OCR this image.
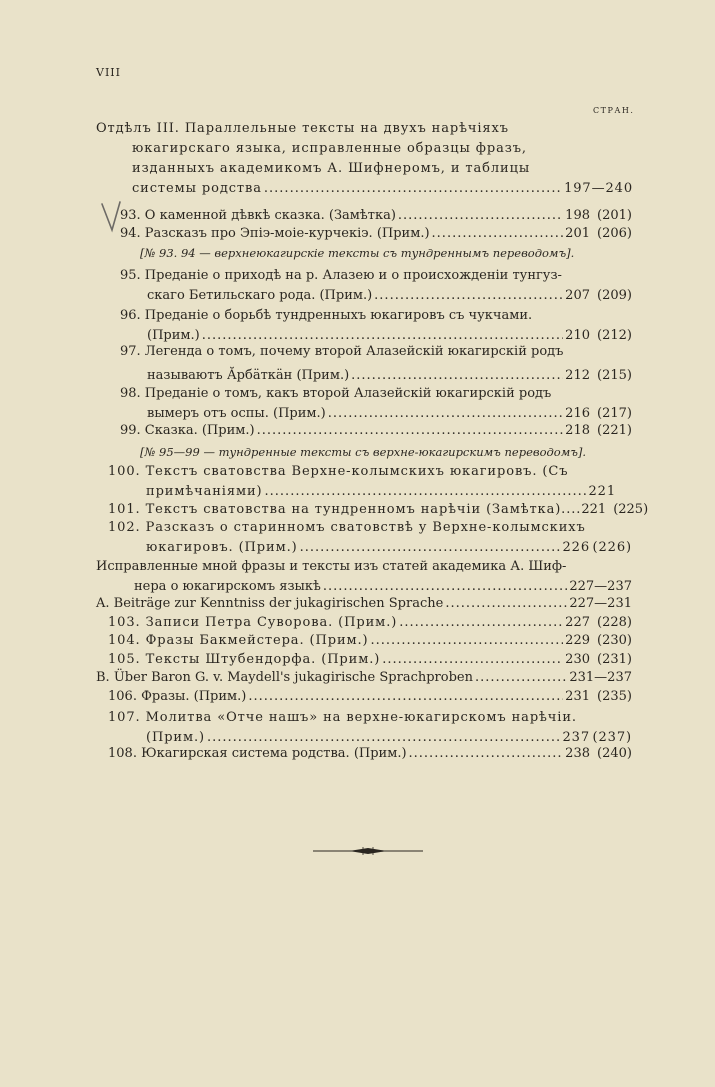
VIII
СТРАН.
Отдѣлъ III. Параллельные тексты на двухъ нарѣчіяхъ
юкагирскаго языка, исправленные образцы фразъ,
изданныхъ академикомъ А. Шифнеромъ, и таблицы
системы родства .....	197—240
93. О каменной дѣвкѣ сказка. (Замѣтка) .....	198 (201)
94. Разсказъ про Эпiэ-моiе-курчекiэ. (Прим.) .....	201 (206)
[№ 93. 94 — верхнеюкагирскіе тексты съ тундреннымъ переводомъ].
95. Преданіе о приходѣ на р. Алазею и о происхожденіи тунгуз-
скаго Бетильскаго рода. (Прим.) .....	207 (209)
96. Преданіе о борьбѣ тундренныхъ юкагировъ съ чукчами.
(Прим.) .....	210 (212)
97. Легенда о томъ, почему второй Алазейскій юкагирскій родъ
называютъ Ӑрбӓткӓн (Прим.) .....	212 (215)
98. Преданіе о томъ, какъ второй Алазейскій юкагирскій родъ
вымеръ отъ оспы. (Прим.) .....	216 (217)
99. Сказка. (Прим.) .....	218 (221)
[№ 95—99 — тундренные тексты съ верхне-юкагирскимъ переводомъ].
100. Текстъ сватовства Верхне-колымскихъ юкагировъ. (Съ
примѣчаніями) .....	221
101. Текстъ сватовства на тундренномъ нарѣчіи (Замѣтка).... 221 (225)
102. Разсказъ о старинномъ сватовствѣ у Верхне-колымскихъ
юкагировъ. (Прим.) .....	226 (226)
Исправленные мной фразы и тексты изъ статей академика А. Шиф-
нера о юкагирскомъ языкѣ .....	227—237
A. Beiträge zur Kenntniss der jukagirischen Sprache .....	227—231
103. Записи Петра Суворова. (Прим.) .....	227 (228)
104. Фразы Бакмейстера. (Прим.) .....	229 (230)
105. Тексты Штубендорфа. (Прим.) .....	230 (231)
B. Über Baron G. v. Maydell's jukagirische Sprachproben .....	231—237
106. Фразы. (Прим.) .....	231 (235)
107. Молитва «Отче нашъ» на верхне-юкагирскомъ нарѣчіи.
(Прим.) .....	237 (237)
108. Юкагирская система родства. (Прим.) .....	238 (240)
